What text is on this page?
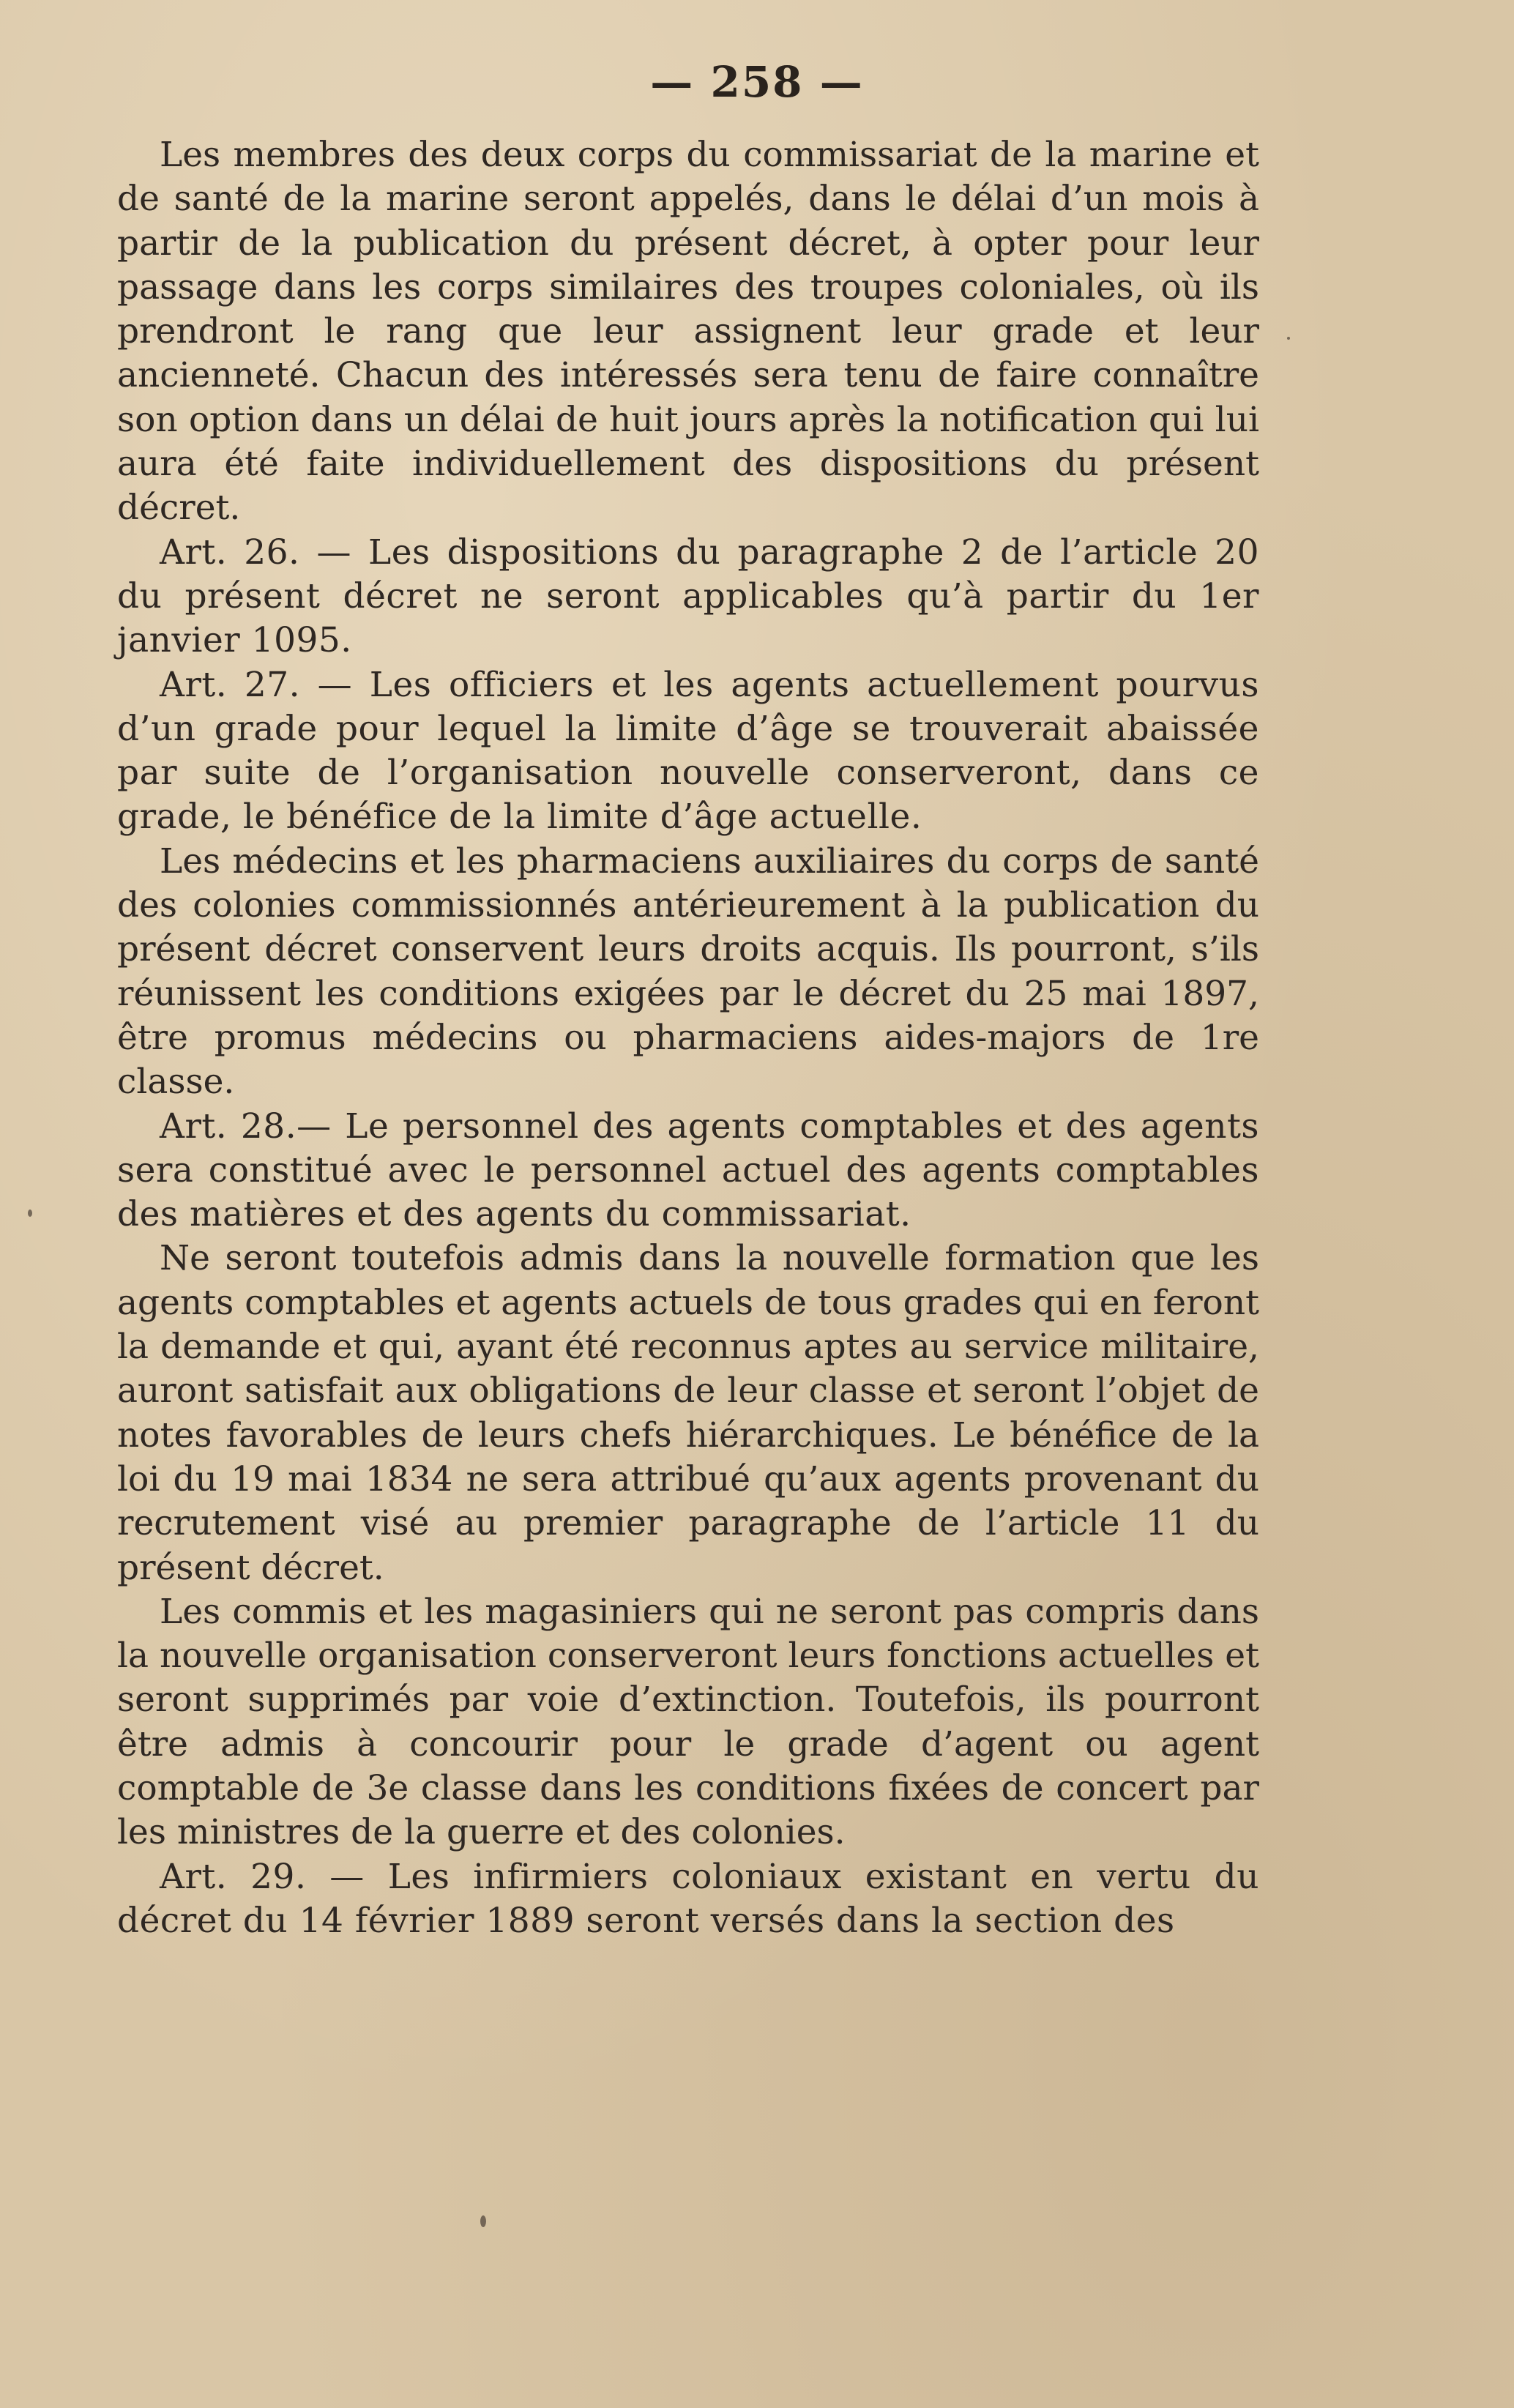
— 258 —

Les membres des deux corps du commissariat de la marine et de santé de la marine seront appelés, dans le délai d’un mois à partir de la publication du présent décret, à opter pour leur passage dans les corps similaires des troupes coloniales, où ils prendront le rang que leur assignent leur grade et leur ancienneté. Chacun des intéressés sera tenu de faire connaître son option dans un délai de huit jours après la notification qui lui aura été faite individuellement des dispositions du présent décret.

Art. 26. — Les dispositions du paragraphe 2 de l’article 20 du présent décret ne seront applicables qu’à partir du 1er janvier 1095.

Art. 27. — Les officiers et les agents actuellement pourvus d’un grade pour lequel la limite d’âge se trouverait abaissée par suite de l’organisation nouvelle conserveront, dans ce grade, le bénéfice de la limite d’âge actuelle.

Les médecins et les pharmaciens auxiliaires du corps de santé des colonies commissionnés antérieurement à la publication du présent décret conservent leurs droits acquis. Ils pourront, s’ils réunissent les conditions exigées par le décret du 25 mai 1897, être promus médecins ou pharmaciens aides-majors de 1re classe.

Art. 28.— Le personnel des agents comptables et des agents sera constitué avec le personnel actuel des agents comptables des matières et des agents du commissariat.

Ne seront toutefois admis dans la nouvelle formation que les agents comptables et agents actuels de tous grades qui en feront la demande et qui, ayant été reconnus aptes au service militaire, auront satisfait aux obligations de leur classe et seront l’objet de notes favorables de leurs chefs hiérarchiques. Le bénéfice de la loi du 19 mai 1834 ne sera attribué qu’aux agents provenant du recrutement visé au premier paragraphe de l’article 11 du présent décret.

Les commis et les magasiniers qui ne seront pas compris dans la nouvelle organisation conserveront leurs fonctions actuelles et seront supprimés par voie d’extinction. Toutefois, ils pourront être admis à concourir pour le grade d’agent ou agent comptable de 3e classe dans les conditions fixées de concert par les ministres de la guerre et des colonies.

Art. 29. — Les infirmiers coloniaux existant en vertu du décret du 14 février 1889 seront versés dans la section des
